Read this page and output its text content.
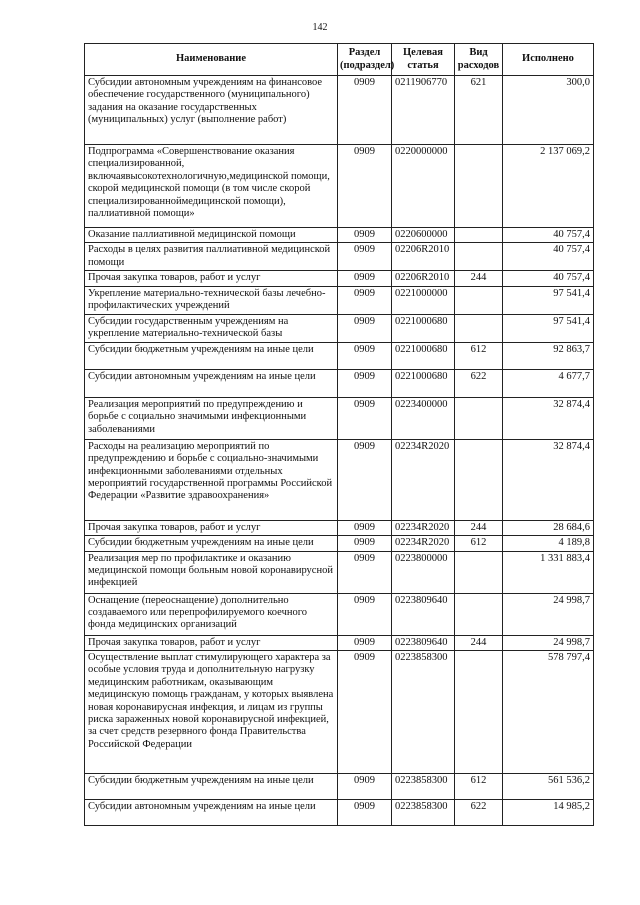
142
Наименование	Раздел (подраздел)	Целевая статья	Вид расходов	Исполнено
Субсидии автономным учреждениям на финансовое обеспечение государственного (муниципального) задания на оказание государственных (муниципальных) услуг (выполнение работ)	0909	0211906770	621	300,0
Подпрограмма «Совершенствование оказания специализированной, включаявысокотехнологичную,медицинской помощи, скорой медицинской помощи (в том числе скорой специализированноймедицинской помощи), паллиативной помощи»	0909	0220000000		2 137 069,2
Оказание паллиативной медицинской помощи	0909	0220600000		40 757,4
Расходы в целях развития паллиативной медицинской помощи	0909	02206R2010		40 757,4
Прочая закупка товаров, работ и услуг	0909	02206R2010	244	40 757,4
Укрепление материально-технической базы лечебно-профилактических учреждений	0909	0221000000		97 541,4
Субсидии государственным учреждениям на укрепление материально-технической базы	0909	0221000680		97 541,4
Субсидии бюджетным учреждениям на иные цели	0909	0221000680	612	92 863,7
Субсидии автономным учреждениям на иные цели	0909	0221000680	622	4 677,7
Реализация мероприятий по предупреждению и борьбе с социально значимыми инфекционными заболеваниями	0909	0223400000		32 874,4
Расходы на реализацию мероприятий по предупреждению и борьбе с социально-значимыми инфекционными заболеваниями отдельных мероприятий государственной программы Российской Федерации «Развитие здравоохранения»	0909	02234R2020		32 874,4
Прочая закупка товаров, работ и услуг	0909	02234R2020	244	28 684,6
Субсидии бюджетным учреждениям на иные цели	0909	02234R2020	612	4 189,8
Реализация мер по профилактике и оказанию медицинской помощи больным новой коронавирусной инфекцией	0909	0223800000		1 331 883,4
Оснащение (переоснащение) дополнительно создаваемого или перепрофилируемого коечного фонда медицинских организаций	0909	0223809640		24 998,7
Прочая закупка товаров, работ и услуг	0909	0223809640	244	24 998,7
Осуществление выплат стимулирующего характера за особые условия труда и дополнительную нагрузку медицинским работникам, оказывающим медицинскую помощь гражданам, у которых выявлена новая коронавирусная инфекция, и лицам из группы риска зараженных новой коронавирусной инфекцией, за счет средств резервного фонда Правительства Российской Федерации	0909	0223858300		578 797,4
Субсидии бюджетным учреждениям на иные цели	0909	0223858300	612	561 536,2
Субсидии автономным учреждениям на иные цели	0909	0223858300	622	14 985,2
